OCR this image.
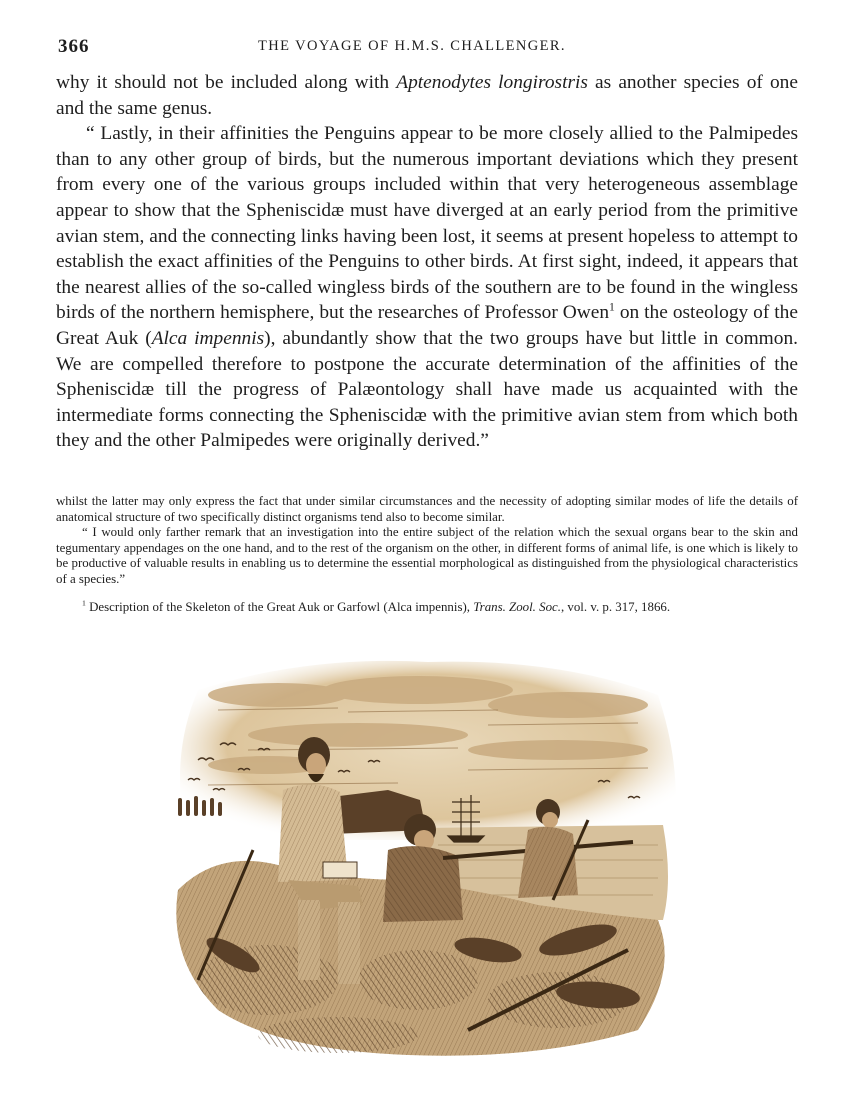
366	THE VOYAGE OF H.M.S. CHALLENGER.

why it should not be included along with Aptenodytes longirostris as another species of one and the same genus.

“ Lastly, in their affinities the Penguins appear to be more closely allied to the Palmipedes than to any other group of birds, but the numerous important deviations which they present from every one of the various groups included within that very heterogeneous assemblage appear to show that the Spheniscidæ must have diverged at an early period from the primitive avian stem, and the connecting links having been lost, it seems at present hopeless to attempt to establish the exact affinities of the Penguins to other birds. At first sight, indeed, it appears that the nearest allies of the so-called wingless birds of the southern are to be found in the wingless birds of the northern hemisphere, but the researches of Professor Owen$^1$ on the osteology of the Great Auk (Alca impennis), abundantly show that the two groups have but little in common. We are compelled therefore to postpone the accurate determination of the affinities of the Spheniscidæ till the progress of Palæontology shall have made us acquainted with the intermediate forms connecting the Spheniscidæ with the primitive avian stem from which both they and the other Palmipedes were originally derived.”

whilst the latter may only express the fact that under similar circumstances and the necessity of adopting similar modes of life the details of anatomical structure of two specifically distinct organisms tend also to become similar.

“ I would only farther remark that an investigation into the entire subject of the relation which the sexual organs bear to the skin and tegumentary appendages on the one hand, and to the rest of the organism on the other, in different forms of animal life, is one which is likely to be productive of valuable results in enabling us to determine the essential morphological as distinguished from the physiological characteristics of a species.”

$^1$ Description of the Skeleton of the Great Auk or Garfowl (Alca impennis), Trans. Zool. Soc., vol. v. p. 317, 1866.
